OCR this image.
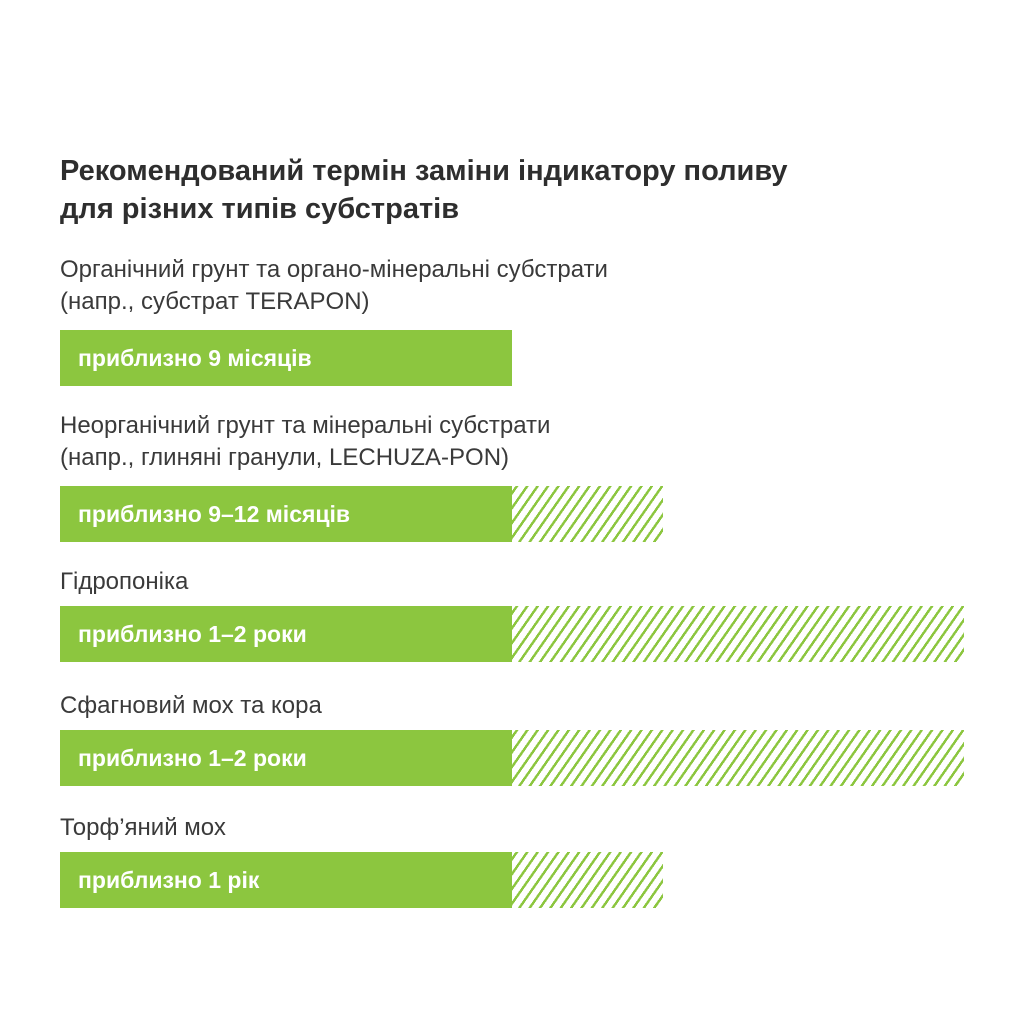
Рекомендований термін заміни індикатору поливу
для різних типів субстратів

Органічний грунт та органо-мінеральні субстрати
(напр., субстрат TERAPON)

приблизно 9 місяців

Неорганічний грунт та мінеральні субстрати
(напр., глиняні гранули, LECHUZA-PON)

приблизно 9–12 місяців

Гідропоніка

приблизно 1–2 роки

Сфагновий мох та кора

приблизно 1–2 роки

Торф’яний мох

приблизно 1 рік
